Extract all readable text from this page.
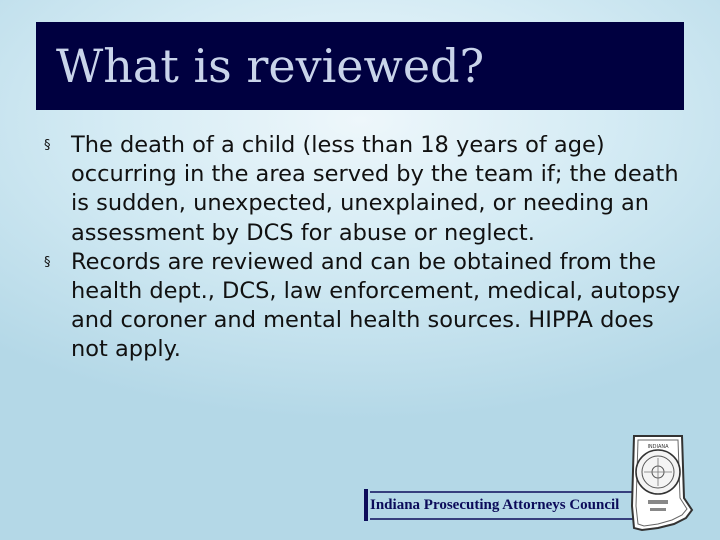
What is reviewed?
§ The death of a child (less than 18 years of age) occurring in the area served by the team if; the death is sudden, unexpected, unexplained, or needing an assessment by DCS for abuse or neglect.
§ Records are reviewed and can be obtained from the health dept., DCS, law enforcement, medical, autopsy and coroner and mental health sources. HIPPA does not apply.
Indiana Prosecuting Attorneys Council
INDIANA
